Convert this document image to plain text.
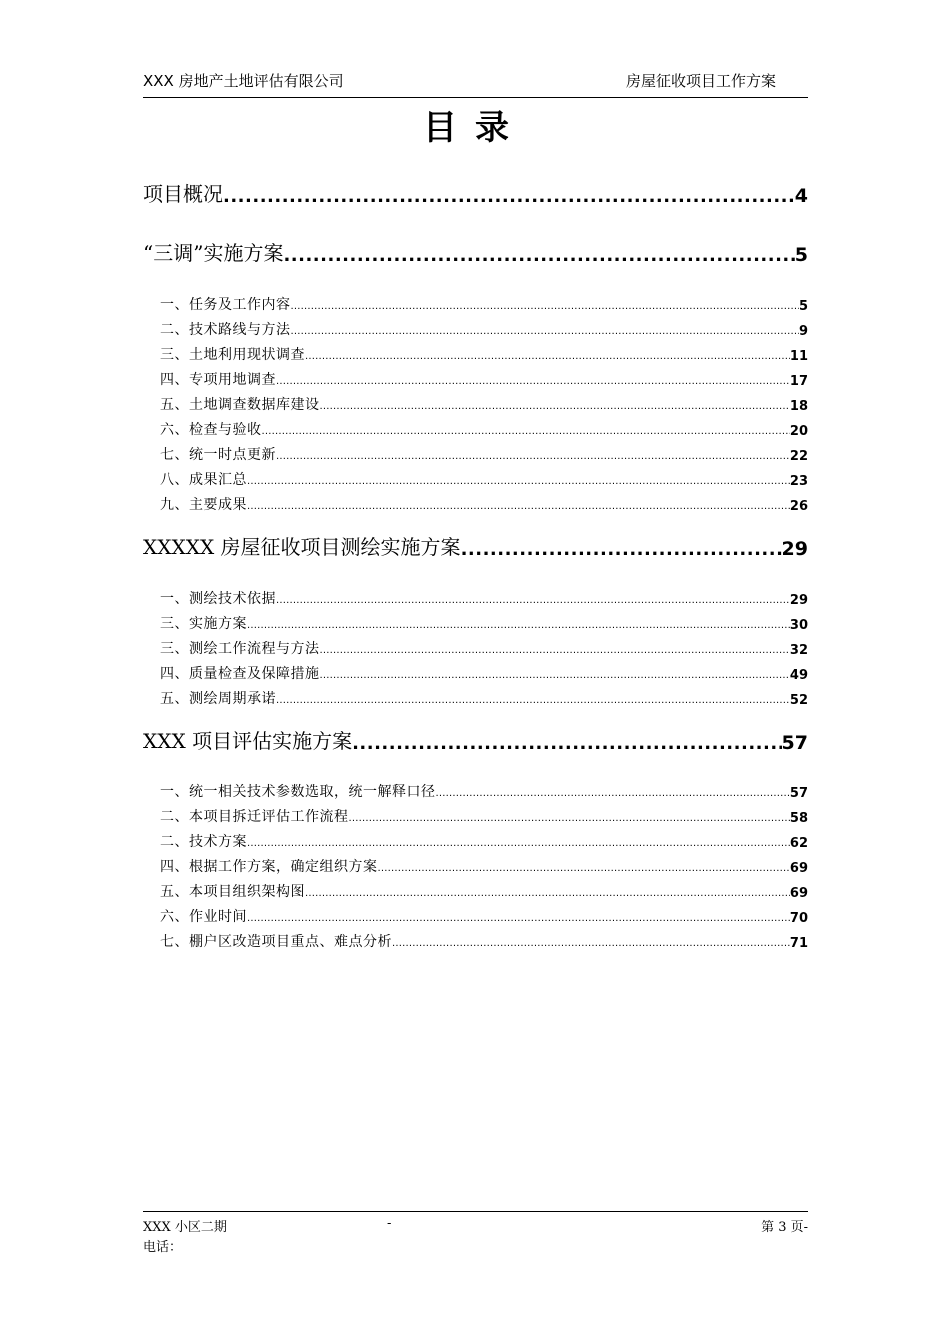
XXX 房地产土地评估有限公司	房屋征收项目工作方案
目录
项目概况 .....	4
“三调”实施方案 .....	5
一、任务及工作内容 .....	5
二、技术路线与方法 .....	9
三、土地利用现状调查 .....	11
四、专项用地调查 .....	17
五、土地调查数据库建设 .....	18
六、检查与验收 .....	20
七、统一时点更新 .....	22
八、成果汇总 .....	23
九、主要成果 .....	26
XXXXX 房屋征收项目测绘实施方案 .....	29
一、测绘技术依据 .....	29
三、实施方案 .....	30
三、测绘工作流程与方法 .....	32
四、质量检查及保障措施 .....	49
五、测绘周期承诺 .....	52
XXX 项目评估实施方案 .....	57
一、统一相关技术参数选取，统一解释口径 .....	57
二、本项目拆迁评估工作流程 .....	58
二、技术方案 .....	62
四、根据工作方案，确定组织方案 .....	69
五、本项目组织架构图 .....	69
六、作业时间 .....	70
七、棚户区改造项目重点、难点分析 .....	71
XXX 小区二期	-	第 3 页-
电话：
